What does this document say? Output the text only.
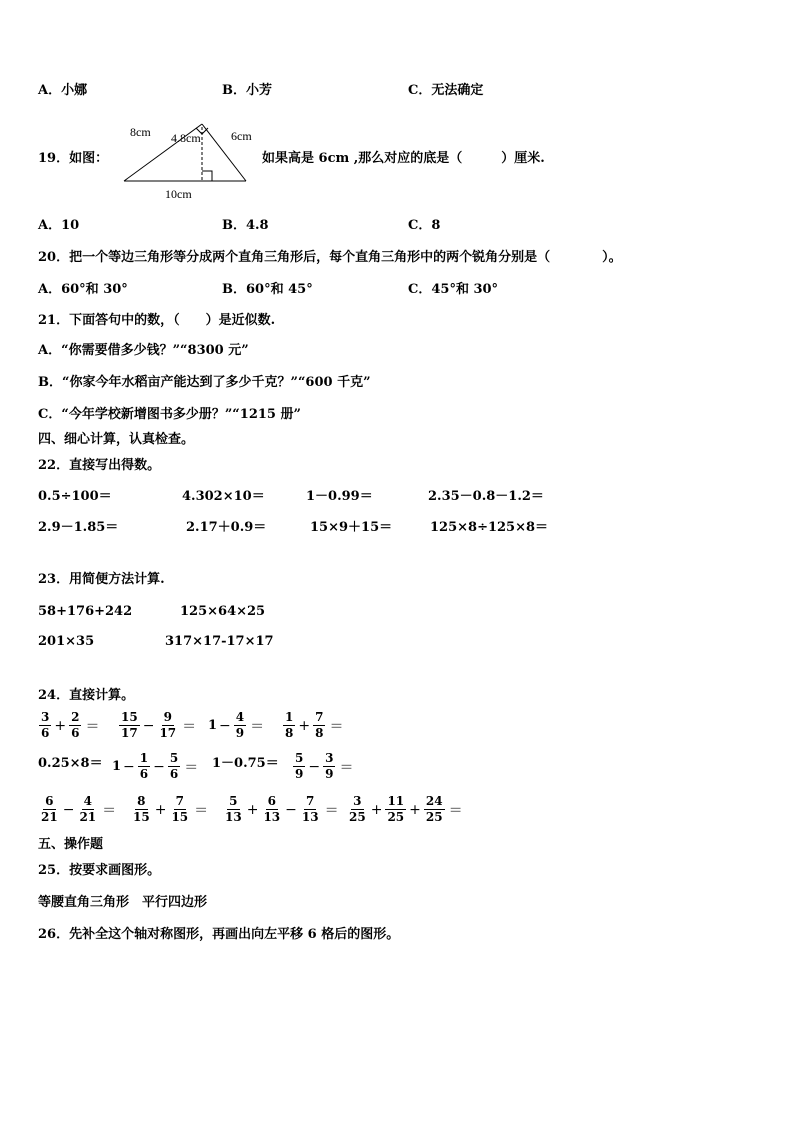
A．小娜	B．小芳	C．无法确定
19．如图：
8cm 4.8cm	6cm
10cm
如果高是 6cm ,那么对应的底是（　　　）厘米.
A．10	B．4.8	C．8
20．把一个等边三角形等分成两个直角三角形后，每个直角三角形中的两个锐角分别是（　　　　）。
A．60°和 30°	B．60°和 45°	C．45°和 30°
21．下面答句中的数，（　　）是近似数.
A．“你需要借多少钱？”“8300 元”
B．“你家今年水稻亩产能达到了多少千克？”“600 千克”
C．“今年学校新增图书多少册？”“1215 册”
四、细心计算，认真检查。
22．直接写出得数。
0.5÷100＝	4.302×10＝	1－0.99＝	2.35－0.8－1.2＝
2.9－1.85＝	2.17＋0.9＝	15×9＋15＝	125×8÷125×8＝
23．用简便方法计算.
58+176+242	125×64×25
201×35	317×17-17×17
24．直接计算。
$\frac{3}{6} + \frac{2}{6} = \frac{15}{17} - \frac{9}{17} = 1 - \frac{4}{9} = \frac{1}{8} + \frac{7}{8}$ ＝
$0.25\times 8= 1 - \frac{1}{6} - \frac{5}{6} = 1-0.75= \frac{5}{9} - \frac{3}{9}$ ＝
$\frac{6}{21} - \frac{4}{21} = \frac{8}{15} + \frac{7}{15} = \frac{5}{13} + \frac{6}{13} - \frac{7}{13} = \frac{3}{25} + \frac{11}{25} + \frac{24}{25}$ ＝
五、操作题
25．按要求画图形。
等腰直角三角形　平行四边形
26．先补全这个轴对称图形，再画出向左平移 6 格后的图形。
